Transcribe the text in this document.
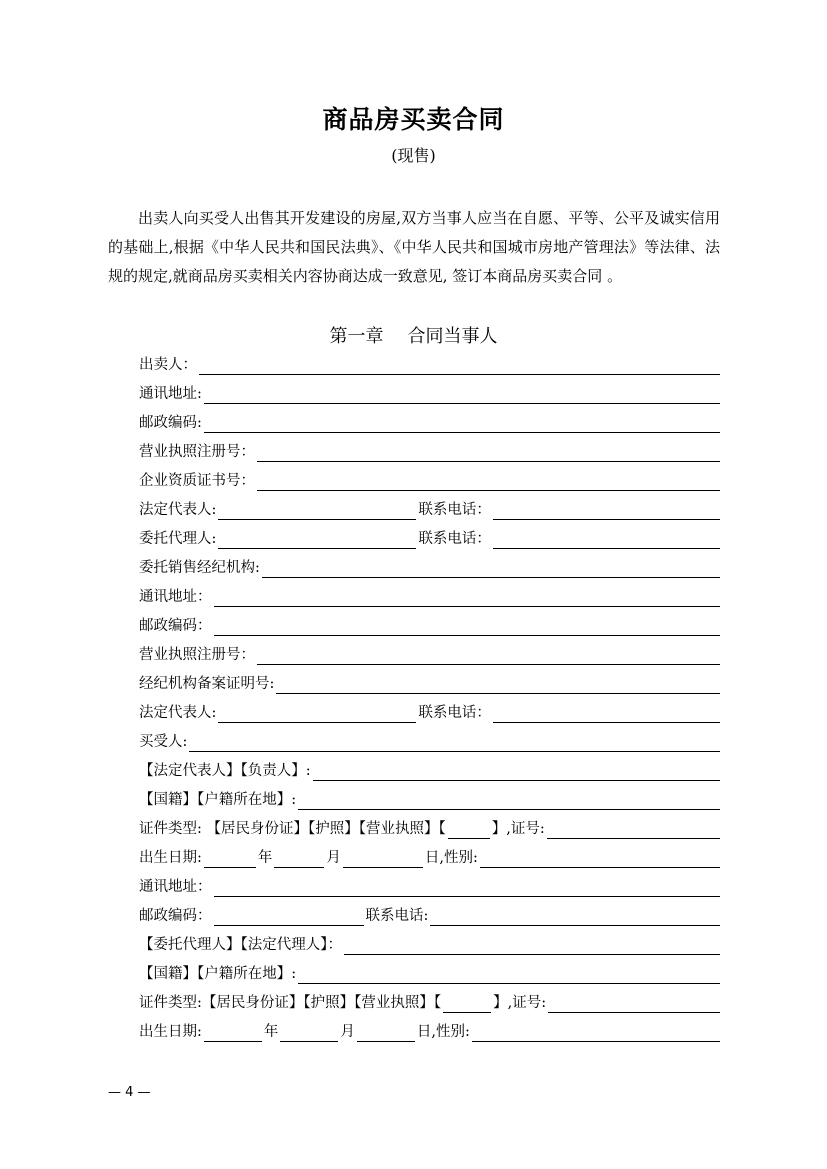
商品房买卖合同
(现售)

出卖人向买受人出售其开发建设的房屋,双方当事人应当在自愿、平等、公平及诚实信用的基础上,根据《中华人民共和国民法典》、《中华人民共和国城市房地产管理法》等法律、法规的规定,就商品房买卖相关内容协商达成一致意见, 签订本商品房买卖合同 。

第一章 合同当事人
出卖人：
通讯地址:
邮政编码:
营业执照注册号：
企业资质证书号：
法定代表人:	联系电话：
委托代理人:	联系电话：
委托销售经纪机构:
通讯地址：
邮政编码：
营业执照注册号：
经纪机构备案证明号:
法定代表人:	联系电话：
买受人:
【法定代表人】【负责人】:
【国籍】【户籍所在地】:
证件类型: 【居民身份证】【护照】【营业执照】【	】,证号:
出生日期:	年	月	日,性别:
通讯地址：
邮政编码：	联系电话:
【委托代理人】【法定代理人】：
【国籍】【户籍所在地】:
证件类型:【居民身份证】【护照】【营业执照】【	】,证号:
出生日期:	年	月	日,性别:
— 4 —
